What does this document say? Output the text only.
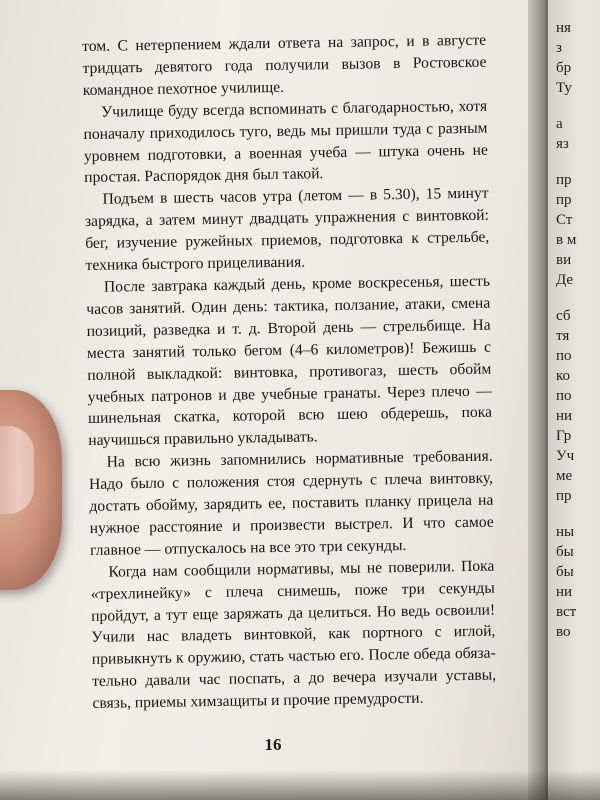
ня
з
бр
Ту
а
яз
пр
пр
Ст
в м
ви
Де
сб
тя
по
ко
по
ни
Гр
Уч
ме
пр
ны
бы
бы
ни
вст
во

том. С нетерпением ждали ответа на запрос, и в августе тридцать девятого года получили вызов в Ростовское командное пехотное училище.

Училище буду всегда вспоминать с благодарностью, хотя поначалу приходилось туго, ведь мы пришли туда с разным уровнем подготовки, а военная учеба — штука очень не простая. Распорядок дня был такой.

Подъем в шесть часов утра (летом — в 5.30), 15 минут зарядка, а затем минут двадцать упражнения с винтовкой: бег, изучение ружейных приемов, подготовка к стрельбе, техника быстрого прицеливания.

После завтрака каждый день, кроме воскресенья, шесть часов занятий. Один день: тактика, ползание, атаки, смена позиций, разведка и т. д. Второй день — стрельбище. На места занятий только бегом (4–6 километров)! Бежишь с полной выкладкой: винтовка, противогаз, шесть обойм учебных патронов и две учебные гранаты. Через плечо — шинельная скатка, которой всю шею обдерешь, пока научишься правильно укладывать.

На всю жизнь запомнились нормативные требования. Надо было с положения стоя сдернуть с плеча винтовку, достать обойму, зарядить ее, поставить планку прицела на нужное расстояние и произвести выстрел. И что самое главное — отпускалось на все это три секунды.

Когда нам сообщили нормативы, мы не поверили. Пока «трехлинейку» с плеча снимешь, поже три секунды пройдут, а тут еще заряжать да целиться. Но ведь освоили! Учили нас владеть винтовкой, как портного с иглой, привыкнуть к оружию, стать частью его. После обеда обязательно давали час поспать, а до вечера изучали уставы, связь, приемы химзащиты и прочие премудрости.

16
